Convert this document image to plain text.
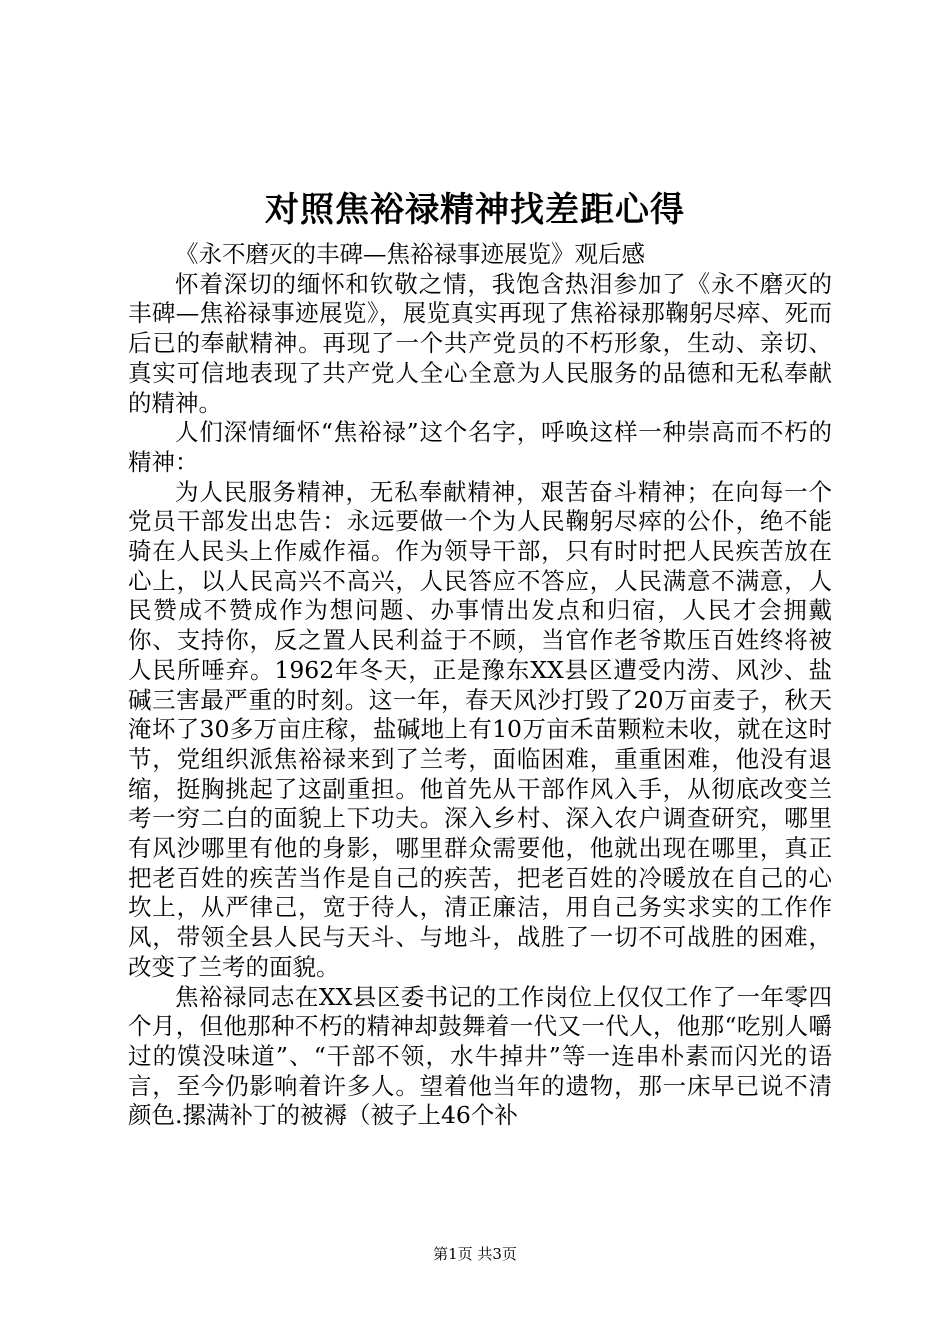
对照焦裕禄精神找差距心得

《永不磨灭的丰碑—焦裕禄事迹展览》观后感

怀着深切的缅怀和钦敬之情，我饱含热泪参加了《永不磨灭的丰碑—焦裕禄事迹展览》，展览真实再现了焦裕禄那鞠躬尽瘁、死而后已的奉献精神。再现了一个共产党员的不朽形象，生动、亲切、真实可信地表现了共产党人全心全意为人民服务的品德和无私奉献的精神。

人们深情缅怀“焦裕禄”这个名字，呼唤这样一种崇高而不朽的精神：

为人民服务精神，无私奉献精神，艰苦奋斗精神；在向每一个党员干部发出忠告：永远要做一个为人民鞠躬尽瘁的公仆，绝不能骑在人民头上作威作福。作为领导干部，只有时时把人民疾苦放在心上，以人民高兴不高兴，人民答应不答应，人民满意不满意，人民赞成不赞成作为想问题、办事情出发点和归宿，人民才会拥戴你、支持你，反之置人民利益于不顾，当官作老爷欺压百姓终将被人民所唾弃。1962年冬天，正是豫东XX县区遭受内涝、风沙、盐碱三害最严重的时刻。这一年，春天风沙打毁了20万亩麦子，秋天淹坏了30多万亩庄稼，盐碱地上有10万亩禾苗颗粒未收，就在这时节，党组织派焦裕禄来到了兰考，面临困难，重重困难，他没有退缩，挺胸挑起了这副重担。他首先从干部作风入手，从彻底改变兰考一穷二白的面貌上下功夫。深入乡村、深入农户调查研究，哪里有风沙哪里有他的身影，哪里群众需要他，他就出现在哪里，真正把老百姓的疾苦当作是自己的疾苦，把老百姓的冷暖放在自己的心坎上，从严律己，宽于待人，清正廉洁，用自己务实求实的工作作风，带领全县人民与天斗、与地斗，战胜了一切不可战胜的困难，改变了兰考的面貌。

焦裕禄同志在XX县区委书记的工作岗位上仅仅工作了一年零四个月，但他那种不朽的精神却鼓舞着一代又一代人，他那“吃别人嚼过的馍没味道”、“干部不领，水牛掉井”等一连串朴素而闪光的语言，至今仍影响着许多人。望着他当年的遗物，那一床早已说不清颜色.摞满补丁的被褥（被子上46个补

第1页 共3页
